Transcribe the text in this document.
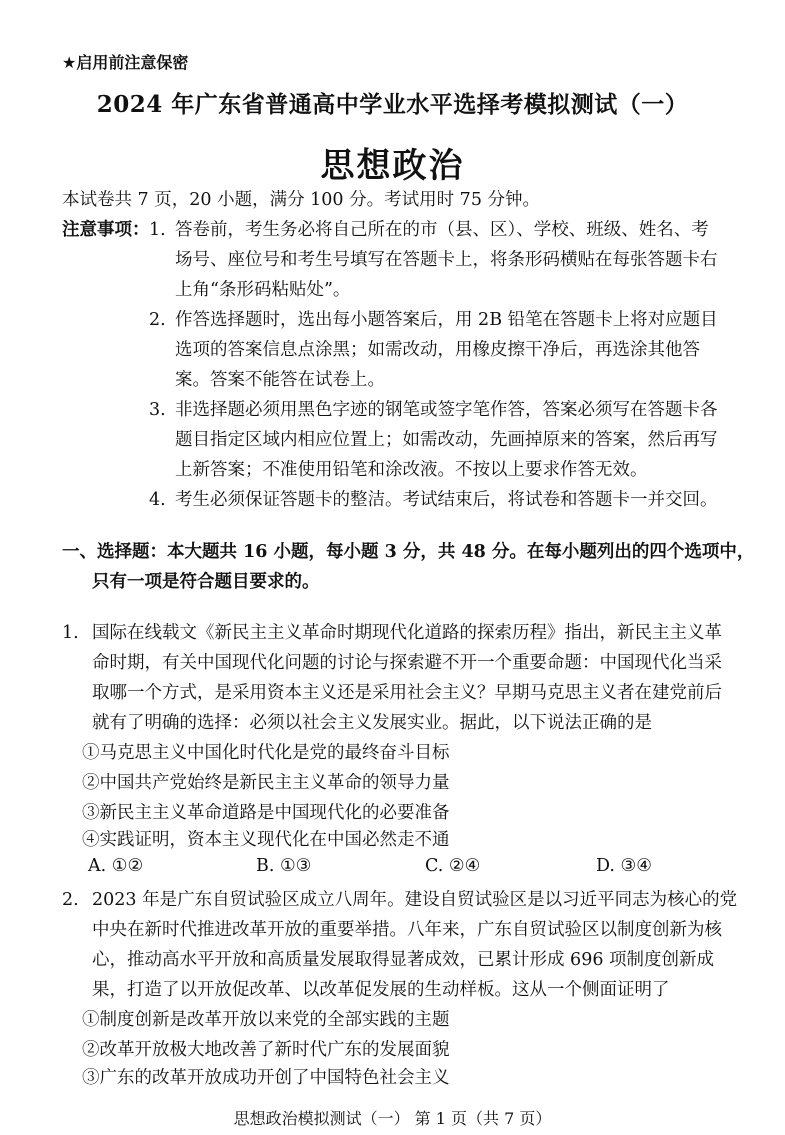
★启用前注意保密
2024 年广东省普通高中学业水平选择考模拟测试（一）
思想政治
本试卷共 7 页，20 小题，满分 100 分。考试用时 75 分钟。
注意事项： 1. 答卷前，考生务必将自己所在的市（县、区）、学校、班级、姓名、考
场号、座位号和考生号填写在答题卡上，将条形码横贴在每张答题卡右
上角“条形码粘贴处”。
2. 作答选择题时，选出每小题答案后，用 2B 铅笔在答题卡上将对应题目
选项的答案信息点涂黑；如需改动，用橡皮擦干净后，再选涂其他答
案。答案不能答在试卷上。
3. 非选择题必须用黑色字迹的钢笔或签字笔作答，答案必须写在答题卡各
题目指定区域内相应位置上；如需改动，先画掉原来的答案，然后再写
上新答案；不准使用铅笔和涂改液。不按以上要求作答无效。
4. 考生必须保证答题卡的整洁。考试结束后，将试卷和答题卡一并交回。
一、选择题：本大题共 16 小题，每小题 3 分，共 48 分。在每小题列出的四个选项中，
只有一项是符合题目要求的。
1. 国际在线载文《新民主主义革命时期现代化道路的探索历程》指出，新民主主义革
命时期，有关中国现代化问题的讨论与探索避不开一个重要命题：中国现代化当采
取哪一个方式，是采用资本主义还是采用社会主义？早期马克思主义者在建党前后
就有了明确的选择：必须以社会主义发展实业。据此，以下说法正确的是
①马克思主义中国化时代化是党的最终奋斗目标
②中国共产党始终是新民主主义革命的领导力量
③新民主主义革命道路是中国现代化的必要准备
④实践证明，资本主义现代化在中国必然走不通
A. ①②	B. ①③	C. ②④	D. ③④
2. 2023 年是广东自贸试验区成立八周年。建设自贸试验区是以习近平同志为核心的党
中央在新时代推进改革开放的重要举措。八年来，广东自贸试验区以制度创新为核
心，推动高水平开放和高质量发展取得显著成效，已累计形成 696 项制度创新成
果，打造了以开放促改革、以改革促发展的生动样板。这从一个侧面证明了
①制度创新是改革开放以来党的全部实践的主题
②改革开放极大地改善了新时代广东的发展面貌
③广东的改革开放成功开创了中国特色社会主义
思想政治模拟测试（一） 第 1 页（共 7 页）
